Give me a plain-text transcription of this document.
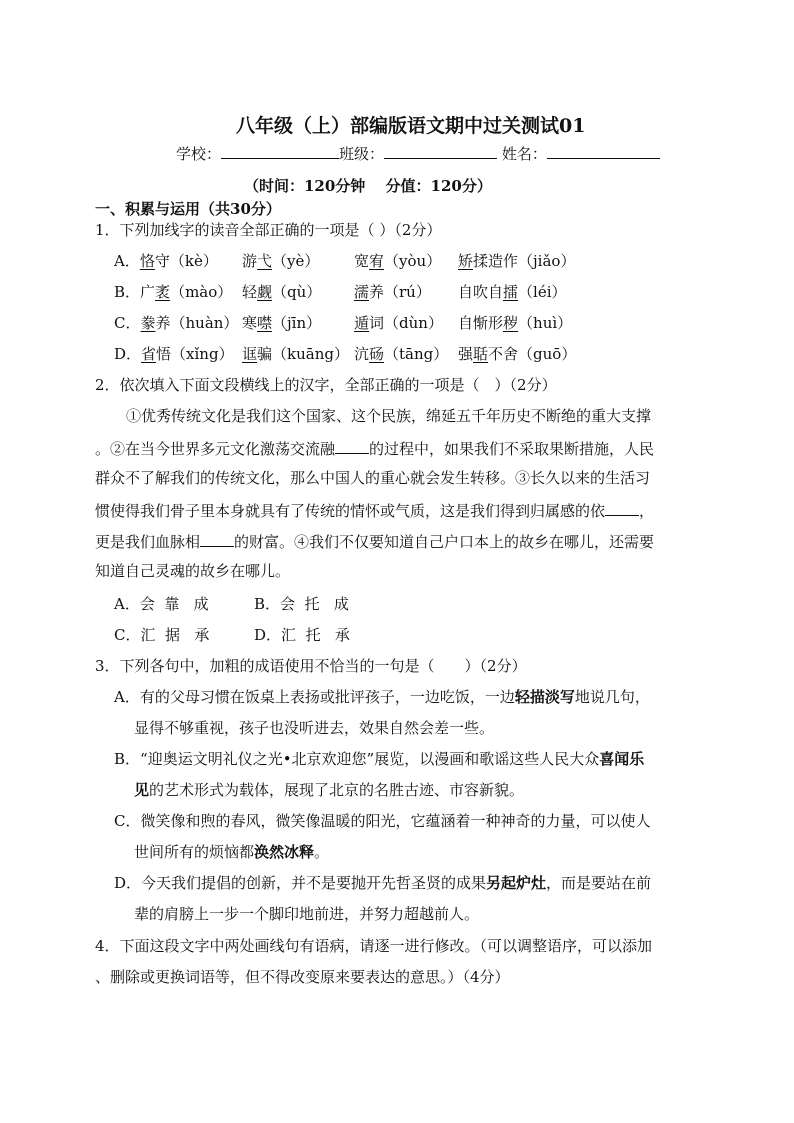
八年级（上）部编版语文期中过关测试01
学校：	班级：	姓名：
（时间：120分钟　 分值：120分）
一、积累与运用（共30分）
1．下列加线字的读音全部正确的一项是（ ）（2分）
A．恪守（kè） 游弋（yè） 宽宥（yòu） 矫揉造作（jiǎo）
B．广袤（mào） 轻觑（qù） 濡养（rú） 自吹自擂（léi）
C．豢养（huàn） 寒噤（jīn） 遁词（dùn） 自惭形秽（huì）
D．省悟（xǐng） 诓骗（kuāng） 沆砀（tāng） 强聒不舍（guō）
2．依次填入下面文段横线上的汉字，全部正确的一项是（　）（2分）
①优秀传统文化是我们这个国家、这个民族，绵延五千年历史不断绝的重大支撑
。②在当今世界多元文化激荡交流融 的过程中，如果我们不采取果断措施，人民
群众不了解我们的传统文化，那么中国人的重心就会发生转移。③长久以来的生活习
惯使得我们骨子里本身就具有了传统的情怀或气质，这是我们得到归属感的依 ，
更是我们血脉相 的财富。④我们不仅要知道自己户口本上的故乡在哪儿，还需要
知道自己灵魂的故乡在哪儿。
A．会  靠   成	B．会  托   成
C．汇  据   承	D．汇  托   承
3．下列各句中，加粗的成语使用不恰当的一句是（　　）（2分）
A．有的父母习惯在饭桌上表扬或批评孩子，一边吃饭，一边轻描淡写地说几句，
显得不够重视，孩子也没听进去，效果自然会差一些。
B．“迎奥运文明礼仪之光•北京欢迎您”展览，以漫画和歌谣这些人民大众喜闻乐
见的艺术形式为载体，展现了北京的名胜古迹、市容新貌。
C．微笑像和煦的春风，微笑像温暖的阳光，它蕴涵着一种神奇的力量，可以使人
世间所有的烦恼都涣然冰释。
D．今天我们提倡的创新，并不是要抛开先哲圣贤的成果另起炉灶，而是要站在前
辈的肩膀上一步一个脚印地前进，并努力超越前人。
4．下面这段文字中两处画线句有语病，请逐一进行修改。（可以调整语序，可以添加
、删除或更换词语等，但不得改变原来要表达的意思。）（4分）
